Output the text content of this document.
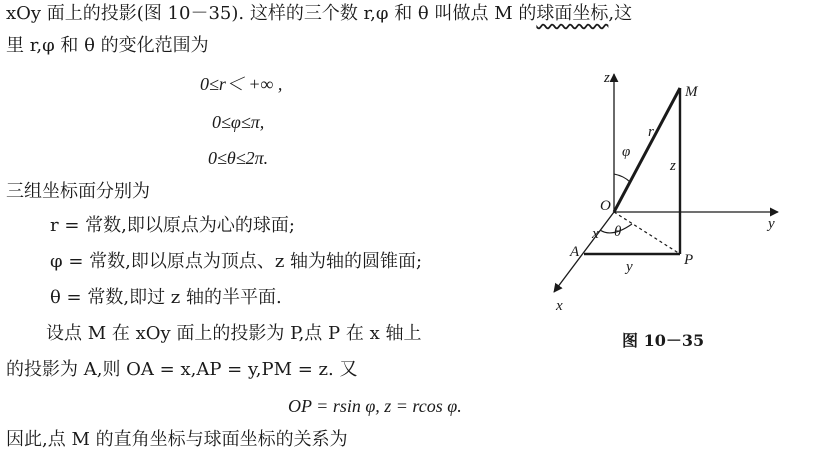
xOy 面上的投影(图 10－35). 这样的三个数 r,φ 和 θ 叫做点 M 的球面坐标,这
里 r,φ 和 θ 的变化范围为
0≤r＜ +∞ ,
0≤φ≤π,
0≤θ≤2π.
三组坐标面分别为
r = 常数,即以原点为心的球面;
φ = 常数,即以原点为顶点、z 轴为轴的圆锥面;
θ = 常数,即过 z 轴的半平面.
设点 M 在 xOy 面上的投影为 P,点 P 在 x 轴上
的投影为 A,则 OA = x,AP = y,PM = z. 又
OP = rsin φ, z = rcos φ.
因此,点 M 的直角坐标与球面坐标的关系为
z
y
x
O
M
P
A
r
z
x
y
φ
θ
图 10－35
